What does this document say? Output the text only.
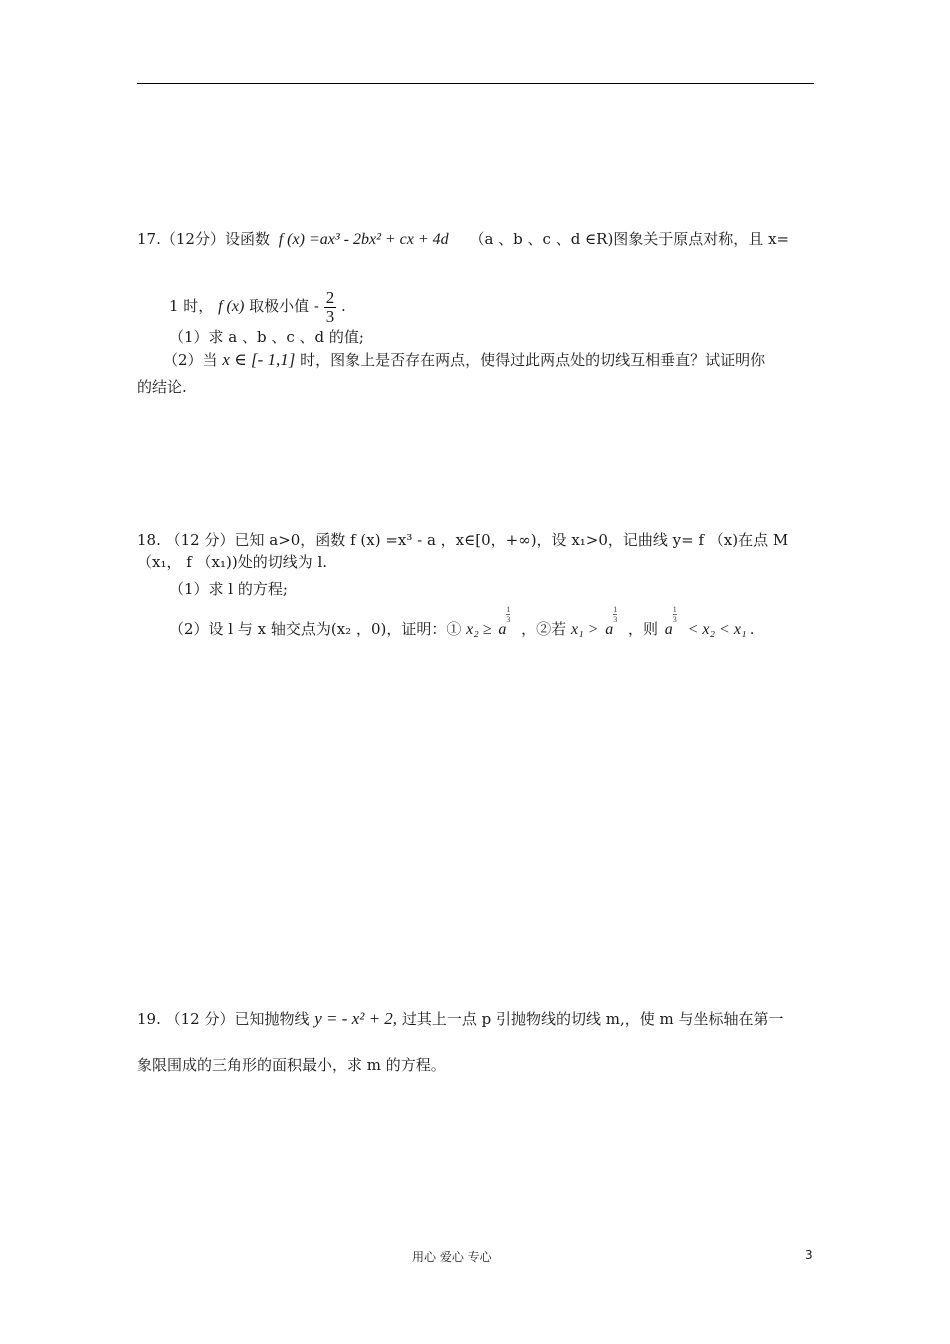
17.（12分）设函数 f (x) =ax³ - 2bx² + cx + 4d （a 、b 、c 、d ∈R)图象关于原点对称，且 x=
1 时， f (x) 取极小值 - $\frac{2}{3}$ .
（1）求 a 、b 、c 、d 的值;
（2）当 x ∈ [- 1,1] 时，图象上是否存在两点，使得过此两点处的切线互相垂直？试证明你
的结论.
18. （12 分）已知 a>0，函数 f (x) =x³ - a ，x∈[0，+∞)，设 x₁>0，记曲线 y= f （x)在点 M
（x₁， f （x₁))处的切线为 l.
（1）求 l 的方程;
（2）设 l 与 x 轴交点为(x₂ ，0)，证明：① x₂ ≥ a
$\frac{1}{3}$
，②若 x₁ > a
$\frac{1}{3}$
，则 a
$\frac{1}{3}$
< x₂ < x₁ .
19. （12 分）已知抛物线 y = - x² + 2, 过其上一点 p 引抛物线的切线 m,，使 m 与坐标轴在第一
象限围成的三角形的面积最小，求 m 的方程。
用心 爱心 专心	3
